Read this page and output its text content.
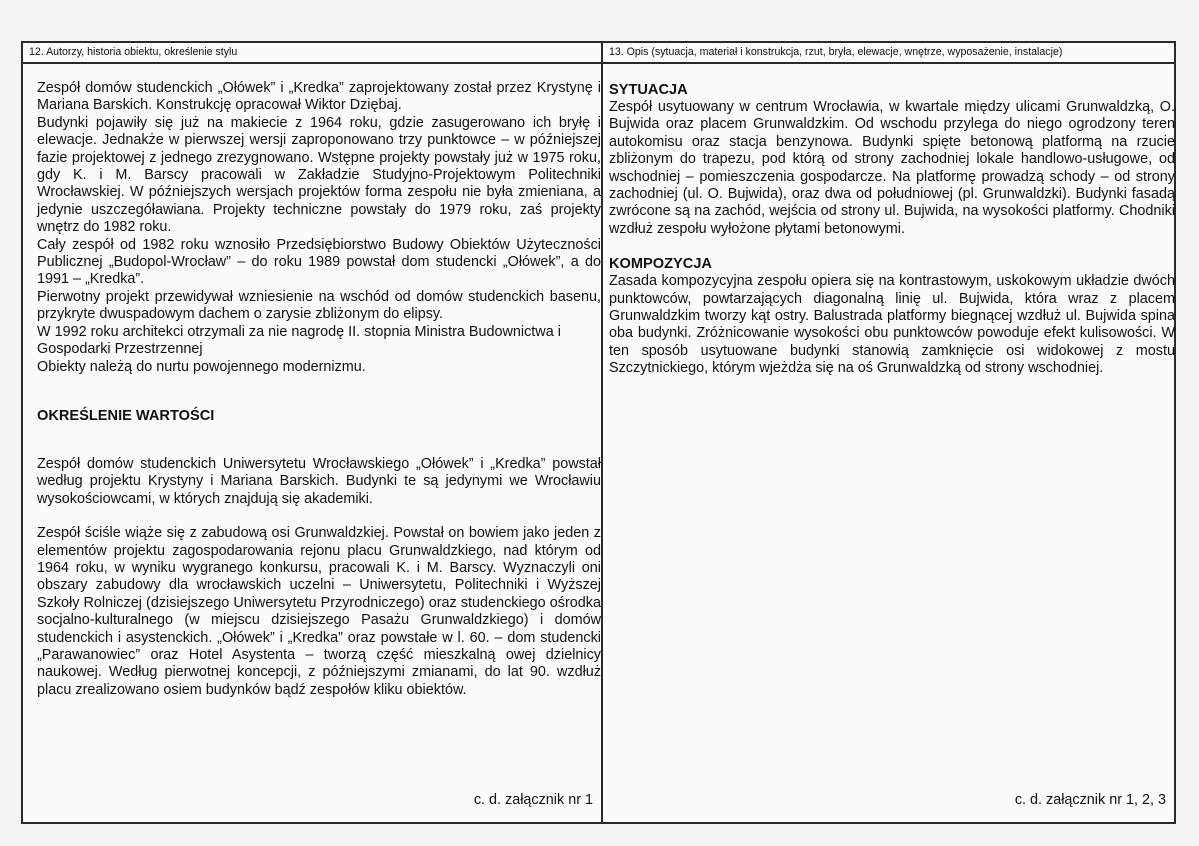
12. Autorzy, historia obiektu, określenie stylu

Zespół domów studenckich „Ołówek” i „Kredka” zaprojektowany został przez Krystynę i Mariana Barskich. Konstrukcję opracował Wiktor Dziębaj.

Budynki pojawiły się już na makiecie z 1964 roku, gdzie zasugerowano ich bryłę i elewacje. Jednakże w pierwszej wersji zaproponowano trzy punktowce – w późniejszej fazie projektowej z jednego zrezygnowano. Wstępne projekty powstały już w 1975 roku, gdy K. i M. Barscy pracowali w Zakładzie Studyjno-Projektowym Politechniki Wrocławskiej. W późniejszych wersjach projektów forma zespołu nie była zmieniana, a jedynie uszczegóławiana. Projekty techniczne powstały do 1979 roku, zaś projekty wnętrz do 1982 roku.

Cały zespół od 1982 roku wznosiło Przedsiębiorstwo Budowy Obiektów Użyteczności Publicznej „Budopol-Wrocław” – do roku 1989 powstał dom studencki „Ołówek”, a do 1991 – „Kredka”.

Pierwotny projekt przewidywał wzniesienie na wschód od domów studenckich basenu, przykryte dwuspadowym dachem o zarysie zbliżonym do elipsy.

W 1992 roku architekci otrzymali za nie nagrodę II. stopnia Ministra Budownictwa i Gospodarki Przestrzennej

Obiekty należą do nurtu powojennego modernizmu.

OKREŚLENIE WARTOŚCI

Zespół domów studenckich Uniwersytetu Wrocławskiego „Ołówek” i „Kredka” powstał według projektu Krystyny i Mariana Barskich. Budynki te są jedynymi we Wrocławiu wysokościowcami, w których znajdują się akademiki.

Zespół ściśle wiąże się z zabudową osi Grunwaldzkiej. Powstał on bowiem jako jeden z elementów projektu zagospodarowania rejonu placu Grunwaldzkiego, nad którym od 1964 roku, w wyniku wygranego konkursu, pracowali K. i M. Barscy. Wyznaczyli oni obszary zabudowy dla wrocławskich uczelni – Uniwersytetu, Politechniki i Wyższej Szkoły Rolniczej (dzisiejszego Uniwersytetu Przyrodniczego) oraz studenckiego ośrodka socjalno-kulturalnego (w miejscu dzisiejszego Pasażu Grunwaldzkiego) i domów studenckich i asystenckich. „Ołówek” i „Kredka” oraz powstałe w l. 60. – dom studencki „Parawanowiec” oraz Hotel Asystenta – tworzą część mieszkalną owej dzielnicy naukowej. Według pierwotnej koncepcji, z późniejszymi zmianami, do lat 90. wzdłuż placu zrealizowano osiem budynków bądź zespołów kliku obiektów.

c. d. załącznik nr 1
13. Opis (sytuacja, materiał i konstrukcja, rzut, bryła, elewacje, wnętrze, wyposażenie, instalacje)
SYTUACJA

Zespół usytuowany w centrum Wrocławia, w kwartale między ulicami Grunwaldzką, O. Bujwida oraz placem Grunwaldzkim. Od wschodu przylega do niego ogrodzony teren autokomisu oraz stacja benzynowa. Budynki spięte betonową platformą na rzucie zbliżonym do trapezu, pod którą od strony zachodniej lokale handlowo-usługowe, od wschodniej – pomieszczenia gospodarcze. Na platformę prowadzą schody – od strony zachodniej (ul. O. Bujwida), oraz dwa od południowej (pl. Grunwaldzki). Budynki fasadą zwrócone są na zachód, wejścia od strony ul. Bujwida, na wysokości platformy. Chodniki wzdłuż zespołu wyłożone płytami betonowymi.

KOMPOZYCJA

Zasada kompozycyjna zespołu opiera się na kontrastowym, uskokowym układzie dwóch punktowców, powtarzających diagonalną linię ul. Bujwida, która wraz z placem Grunwaldzkim tworzy kąt ostry. Balustrada platformy biegnącej wzdłuż ul. Bujwida spina oba budynki. Zróżnicowanie wysokości obu punktowców powoduje efekt kulisowości. W ten sposób usytuowane budynki stanowią zamknięcie osi widokowej z mostu Szczytnickiego, którym wjeżdża się na oś Grunwaldzką od strony wschodniej.

c. d. załącznik nr 1, 2, 3
